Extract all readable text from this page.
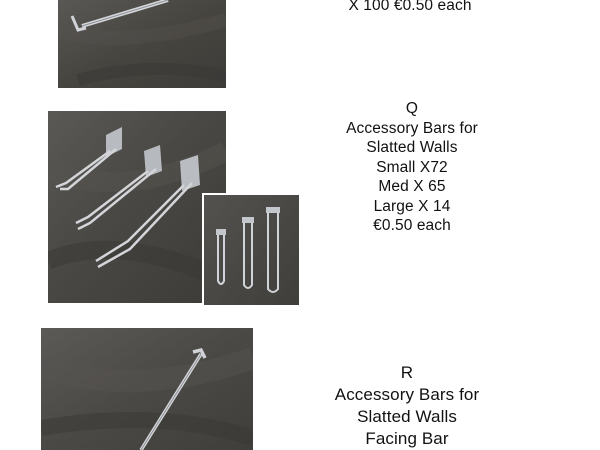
X 100 €0.50 each
Q
Accessory Bars for
Slatted Walls
Small X72
Med X 65
Large X 14
€0.50 each
R
Accessory Bars for
Slatted Walls
Facing Bar
